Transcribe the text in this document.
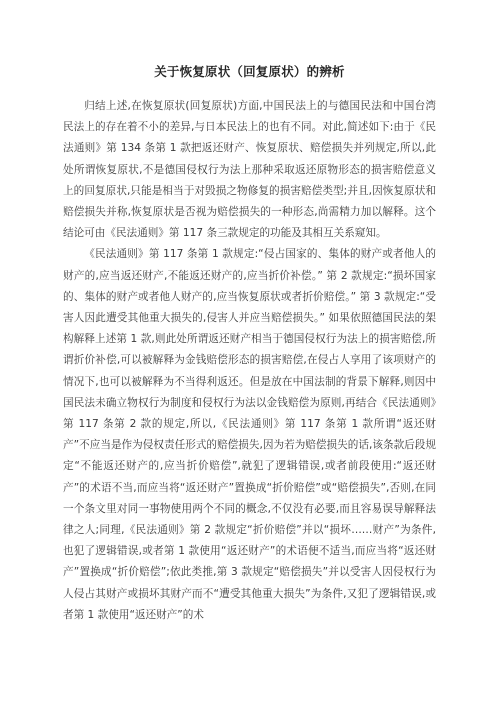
关于恢复原状（回复原状）的辨析

归结上述,在恢复原状(回复原状)方面,中国民法上的与德国民法和中国台湾民法上的存在着不小的差异,与日本民法上的也有不同。对此,简述如下:由于《民法通则》第 134 条第 1 款把返还财产、恢复原状、赔偿损失并列规定,所以,此处所谓恢复原状,不是德国侵权行为法上那种采取返还原物形态的损害赔偿意义上的回复原状,只能是相当于对毁损之物修复的损害赔偿类型;并且,因恢复原状和赔偿损失并称,恢复原状是否视为赔偿损失的一种形态,尚需精力加以解释。这个结论可由《民法通则》第 117 条三款规定的功能及其相互关系窥知。

《民法通则》第 117 条第 1 款规定:“侵占国家的、集体的财产或者他人的财产的,应当返还财产,不能返还财产的,应当折价补偿。” 第 2 款规定:“损坏国家的、集体的财产或者他人财产的,应当恢复原状或者折价赔偿。” 第 3 款规定:“受害人因此遭受其他重大损失的,侵害人并应当赔偿损失。” 如果依照德国民法的架构解释上述第 1 款,则此处所谓返还财产相当于德国侵权行为法上的损害赔偿,所谓折价补偿,可以被解释为金钱赔偿形态的损害赔偿,在侵占人享用了该项财产的情况下,也可以被解释为不当得利返还。但是放在中国法制的背景下解释,则因中国民法未确立物权行为制度和侵权行为法以金钱赔偿为原则,再结合《民法通则》第 117 条第 2 款的规定,所以,《民法通则》第 117 条第 1 款所谓“返还财产”不应当是作为侵权责任形式的赔偿损失,因为若为赔偿损失的话,该条款后段规定“不能返还财产的,应当折价赔偿”,就犯了逻辑错误,或者前段使用:“返还财产”的术语不当,而应当将“返还财产”置换成“折价赔偿”或“赔偿损失”,否则,在同一个条文里对同一事物使用两个不同的概念,不仅没有必要,而且容易误导解释法律之人;同理,《民法通则》第 2 款规定“折价赔偿”并以“损坏……财产”为条件,也犯了逻辑错误,或者第 1 款使用“返还财产”的术语便不适当,而应当将“返还财产”置换成“折价赔偿”;依此类推,第 3 款规定“赔偿损失”并以受害人因侵权行为人侵占其财产或损坏其财产而不“遭受其他重大损失”为条件,又犯了逻辑错误,或者第 1 款使用“返还财产”的术
